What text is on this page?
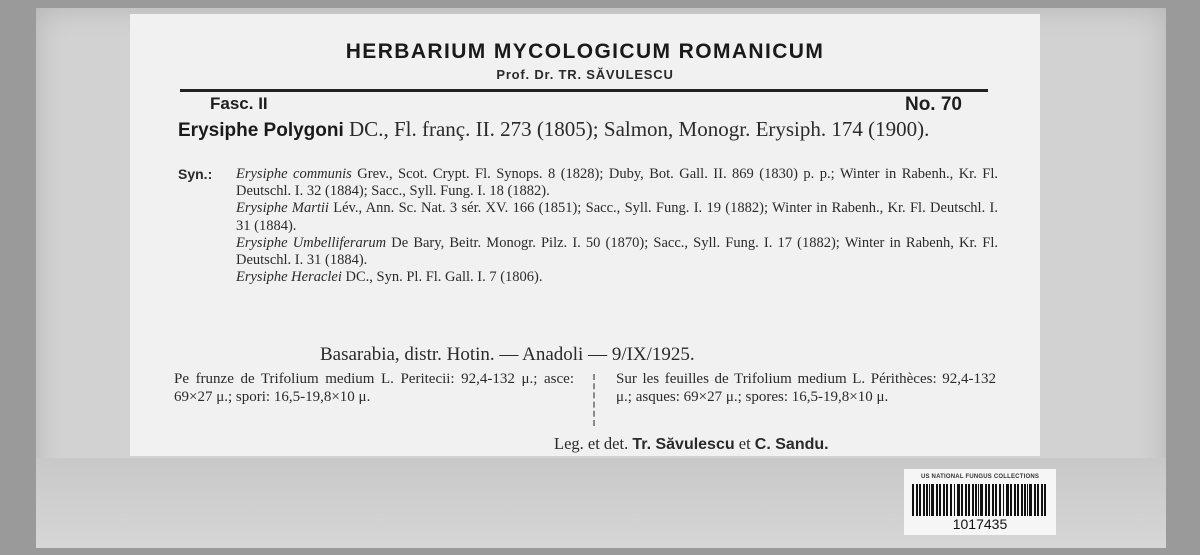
HERBARIUM MYCOLOGICUM ROMANICUM
Prof. Dr. TR. SĂVULESCU
Fasc. II	No. 70
Erysiphe Polygoni DC., Fl. franç. II. 273 (1805); Salmon, Monogr. Erysiph. 174 (1900).
Syn.: Erysiphe communis Grev., Scot. Crypt. Fl. Synops. 8 (1828); Duby, Bot. Gall. II. 869 (1830) p. p.; Winter in Rabenh., Kr. Fl. Deutschl. I. 32 (1884); Sacc., Syll. Fung. I. 18 (1882).

Erysiphe Martii Lév., Ann. Sc. Nat. 3 sér. XV. 166 (1851); Sacc., Syll. Fung. I. 19 (1882); Winter in Rabenh., Kr. Fl. Deutschl. I. 31 (1884).

Erysiphe Umbelliferarum De Bary, Beitr. Monogr. Pilz. I. 50 (1870); Sacc., Syll. Fung. I. 17 (1882); Winter in Rabenh, Kr. Fl. Deutschl. I. 31 (1884).

Erysiphe Heraclei DC., Syn. Pl. Fl. Gall. I. 7 (1806).

Basarabia, distr. Hotin. — Anadoli — 9/IX/1925.
Pe frunze de Trifolium medium L. Peritecii: 92,4-132 μ.; asce: 69×27 μ.; spori: 16,5-19,8×10 μ.
Sur les feuilles de Trifolium medium L. Périthèces: 92,4-132 μ.; asques: 69×27 μ.; spores: 16,5-19,8×10 μ.
Leg. et det. Tr. Săvulescu et C. Sandu.
US NATIONAL FUNGUS COLLECTIONS
1017435
